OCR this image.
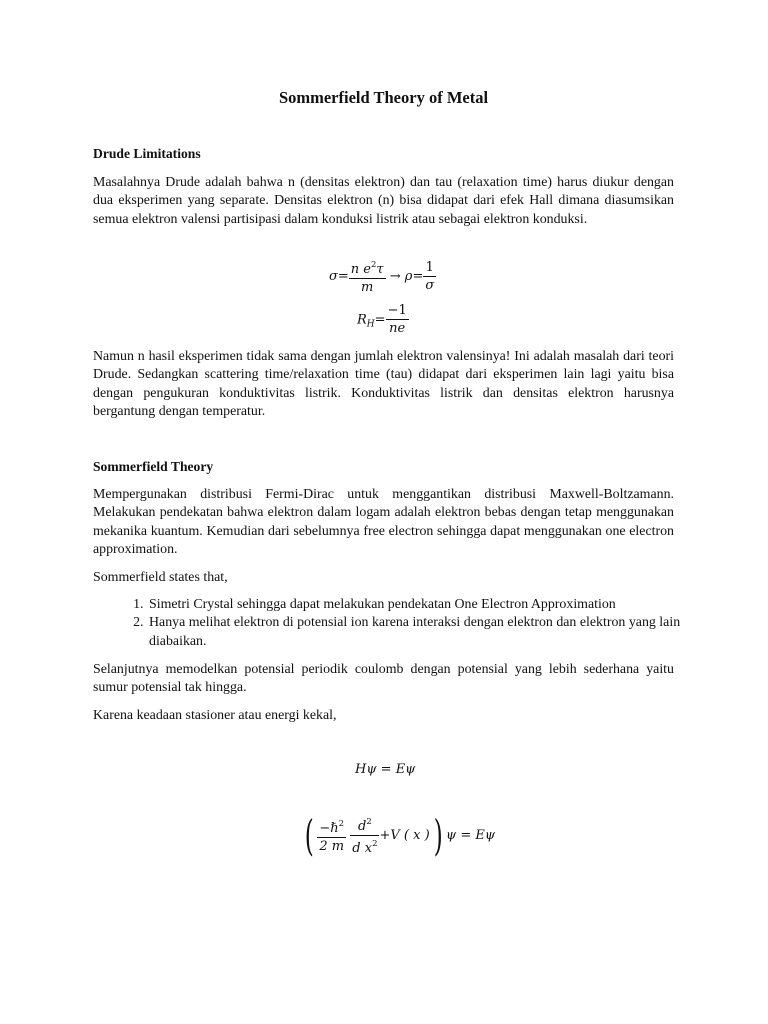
Sommerfield Theory of Metal
Drude Limitations

Masalahnya Drude adalah bahwa n (densitas elektron) dan tau (relaxation time) harus diukur dengan dua eksperimen yang separate. Densitas elektron (n) bisa didapat dari efek Hall dimana diasumsikan semua elektron valensi partisipasi dalam konduksi listrik atau sebagai elektron konduksi.

$\sigma= \frac{n e^2\tau}{m} \to \rho= \frac{1}{\sigma}$
$R_H= \frac{-1}{ne}$

Namun n hasil eksperimen tidak sama dengan jumlah elektron valensinya! Ini adalah masalah dari teori Drude. Sedangkan scattering time/relaxation time (tau) didapat dari eksperimen lain lagi yaitu bisa dengan pengukuran konduktivitas listrik. Konduktivitas listrik dan densitas elektron harusnya bergantung dengan temperatur.

Sommerfield Theory

Mempergunakan distribusi Fermi-Dirac untuk menggantikan distribusi Maxwell-Boltzamann. Melakukan pendekatan bahwa elektron dalam logam adalah elektron bebas dengan tetap menggunakan mekanika kuantum. Kemudian dari sebelumnya free electron sehingga dapat menggunakan one electron approximation.

Sommerfield states that,

1. Simetri Crystal sehingga dapat melakukan pendekatan One Electron Approximation
2. Hanya melihat elektron di potensial ion karena interaksi dengan elektron dan elektron yang lain diabaikan.

Selanjutnya memodelkan potensial periodik coulomb dengan potensial yang lebih sederhana yaitu sumur potensial tak hingga.

Karena keadaan stasioner atau energi kekal,

Hψ = Eψ
( $\frac{-\hbar^2}{2 m}$
$\frac{d^2}{d x^2} +V$ ( x )) ψ = Eψ
